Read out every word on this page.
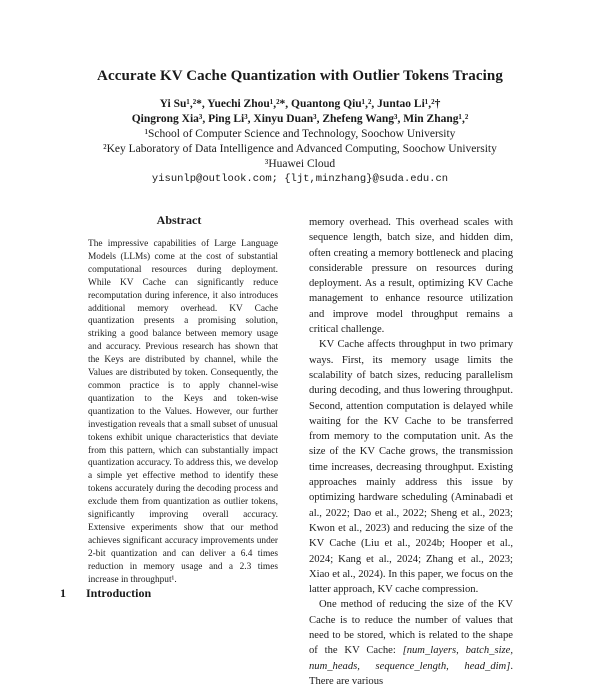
Accurate KV Cache Quantization with Outlier Tokens Tracing
Yi Su¹,²*, Yuechi Zhou¹,²*, Quantong Qiu¹,², Juntao Li¹,²†
Qingrong Xia³, Ping Li³, Xinyu Duan³, Zhefeng Wang³, Min Zhang¹,²
¹School of Computer Science and Technology, Soochow University
²Key Laboratory of Data Intelligence and Advanced Computing, Soochow University
³Huawei Cloud
yisunlp@outlook.com; {ljt,minzhang}@suda.edu.cn
Abstract
The impressive capabilities of Large Language Models (LLMs) come at the cost of substantial computational resources during deployment. While KV Cache can significantly reduce recomputation during inference, it also introduces additional memory overhead. KV Cache quantization presents a promising solution, striking a good balance between memory usage and accuracy. Previous research has shown that the Keys are distributed by channel, while the Values are distributed by token. Consequently, the common practice is to apply channel-wise quantization to the Keys and token-wise quantization to the Values. However, our further investigation reveals that a small subset of unusual tokens exhibit unique characteristics that deviate from this pattern, which can substantially impact quantization accuracy. To address this, we develop a simple yet effective method to identify these tokens accurately during the decoding process and exclude them from quantization as outlier tokens, significantly improving overall accuracy. Extensive experiments show that our method achieves significant accuracy improvements under 2-bit quantization and can deliver a 6.4 times reduction in memory usage and a 2.3 times increase in throughput¹.

memory overhead. This overhead scales with sequence length, batch size, and hidden dim, often creating a memory bottleneck and placing considerable pressure on resources during deployment. As a result, optimizing KV Cache management to enhance resource utilization and improve model throughput remains a critical challenge.

KV Cache affects throughput in two primary ways. First, its memory usage limits the scalability of batch sizes, reducing parallelism during decoding, and thus lowering throughput. Second, attention computation is delayed while waiting for the KV Cache to be transferred from memory to the computation unit. As the size of the KV Cache grows, the transmission time increases, decreasing throughput. Existing approaches mainly address this issue by optimizing hardware scheduling (Aminabadi et al., 2022; Dao et al., 2022; Sheng et al., 2023; Kwon et al., 2023) and reducing the size of the KV Cache (Liu et al., 2024b; Hooper et al., 2024; Kang et al., 2024; Zhang et al., 2023; Xiao et al., 2024). In this paper, we focus on the latter approach, KV cache compression.

One method of reducing the size of the KV Cache is to reduce the number of values that need to be stored, which is related to the shape of the KV Cache: [num_layers, batch_size, num_heads, sequence_length, head_dim]. There are various

1 Introduction
